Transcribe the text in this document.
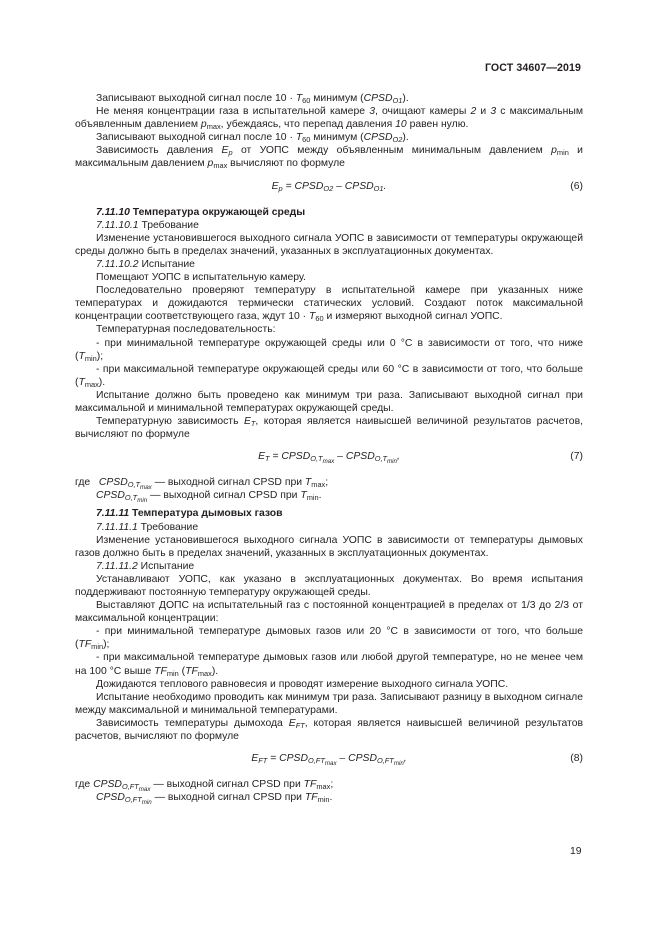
ГОСТ 34607—2019

Записывают выходной сигнал после $10 \cdot T_{60}$ минимум $(CPSD_{O1})$.

Не меняя концентрации газа в испытательной камере 3, очищают камеры 2 и 3 с максимальным объявленным давлением $p_{max}$, убеждаясь, что перепад давления 10 равен нулю.

Записывают выходной сигнал после $10 \cdot T_{60}$ минимум $(CPSD_{O2})$.

Зависимость давления $E_p$ от УОПС между объявленным минимальным давлением $p_{min}$ и максимальным давлением $p_{max}$ вычисляют по формуле

$E_p$ = $CPSD_{O2}$ – $CPSD_{O1}$.	(6)

7.11.10 Температура окружающей среды

7.11.10.1 Требование

Изменение установившегося выходного сигнала УОПС в зависимости от температуры окружающей среды должно быть в пределах значений, указанных в эксплуатационных документах.

7.11.10.2 Испытание

Помещают УОПС в испытательную камеру.

Последовательно проверяют температуру в испытательной камере при указанных ниже температурах и дожидаются термически статических условий. Создают поток максимальной концентрации соответствующего газа, ждут $10 \cdot T_{60}$ и измеряют выходной сигнал УОПС.

Температурная последовательность:

- при минимальной температуре окружающей среды или 0 °С в зависимости от того, что ниже $(T_{min})$;

- при максимальной температуре окружающей среды или 60 °С в зависимости от того, что больше $(T_{max})$.

Испытание должно быть проведено как минимум три раза. Записывают выходной сигнал при максимальной и минимальной температурах окружающей среды.

Температурную зависимость $E_T$, которая является наивысшей величиной результатов расчетов, вычисляют по формуле

$E_T$ = $CPSD_{O,T_{max}}$ – $CPSD_{O,T_{min}}$,	(7)

где $CPSD_{O,T_{max}}$ — выходной сигнал CPSD при $T_{max}$;

$CPSD_{O,T_{min}}$ — выходной сигнал CPSD при $T_{min}$.

7.11.11 Температура дымовых газов

7.11.11.1 Требование

Изменение установившегося выходного сигнала УОПС в зависимости от температуры дымовых газов должно быть в пределах значений, указанных в эксплуатационных документах.

7.11.11.2 Испытание

Устанавливают УОПС, как указано в эксплуатационных документах. Во время испытания поддерживают постоянную температуру окружающей среды.

Выставляют ДОПС на испытательный газ с постоянной концентрацией в пределах от 1/3 до 2/3 от максимальной концентрации:

- при минимальной температуре дымовых газов или 20 °С в зависимости от того, что больше $(TF_{min})$;

- при максимальной температуре дымовых газов или любой другой температуре, но не менее чем на 100 °С выше $TF_{min}$ $(TF_{max})$.

Дожидаются теплового равновесия и проводят измерение выходного сигнала УОПС.

Испытание необходимо проводить как минимум три раза. Записывают разницу в выходном сигнале между максимальной и минимальной температурами.

Зависимость температуры дымохода $E_{FT}$, которая является наивысшей величиной результатов расчетов, вычисляют по формуле

$E_{FT}$ = $CPSD_{O,FT_{max}}$ – $CPSD_{O,FT_{min}}$,	(8)

где $CPSD_{O,FT_{max}}$ — выходной сигнал CPSD при $TF_{max}$;

$CPSD_{O,FT_{min}}$ — выходной сигнал CPSD при $TF_{min}$.

19
